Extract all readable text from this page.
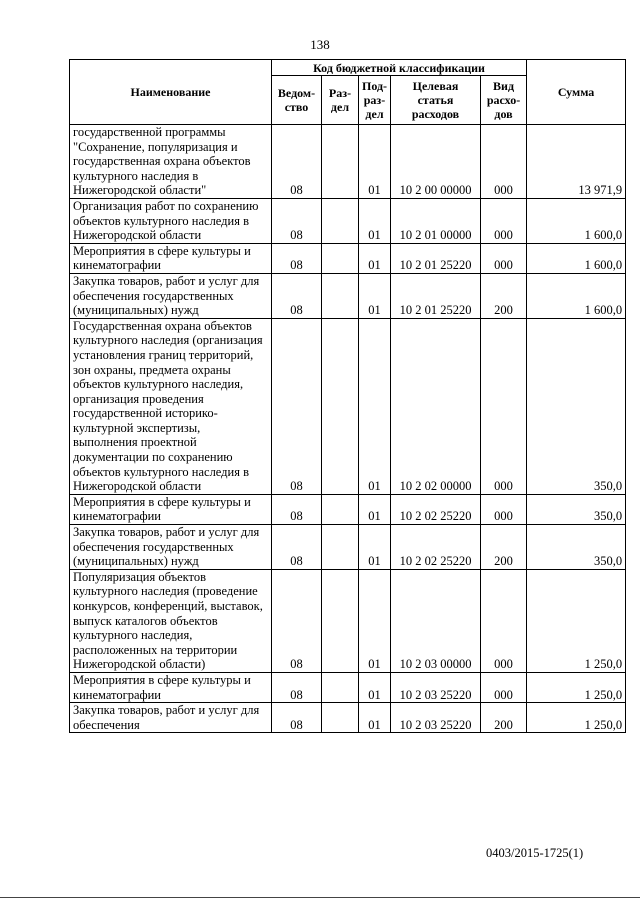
138
Наименование	Код бюджетной классификации					Сумма
	Ведом-ство	Раз-дел	Под-раз-дел	Целевая статья расходов	Вид расхо-дов	
государственной программы "Сохранение, популяризация и государственная охрана объектов культурного наследия в Нижегородской области"	08		01	10 2 00 00000	000	13 971,9
Организация работ по сохранению объектов культурного наследия в Нижегородской области	08		01	10 2 01 00000	000	1 600,0
Мероприятия в сфере культуры и кинематографии	08		01	10 2 01 25220	000	1 600,0
Закупка товаров, работ и услуг для обеспечения государственных (муниципальных) нужд	08		01	10 2 01 25220	200	1 600,0
Государственная охрана объектов культурного наследия (организация установления границ территорий, зон охраны, предмета охраны объектов культурного наследия, организация проведения государственной историко-культурной экспертизы, выполнения проектной документации по сохранению объектов культурного наследия в Нижегородской области	08		01	10 2 02 00000	000	350,0
Мероприятия в сфере культуры и кинематографии	08		01	10 2 02 25220	000	350,0
Закупка товаров, работ и услуг для обеспечения государственных (муниципальных) нужд	08		01	10 2 02 25220	200	350,0
Популяризация объектов культурного наследия (проведение конкурсов, конференций, выставок, выпуск каталогов объектов культурного наследия, расположенных на территории Нижегородской области)	08		01	10 2 03 00000	000	1 250,0
Мероприятия в сфере культуры и кинематографии	08		01	10 2 03 25220	000	1 250,0
Закупка товаров, работ и услуг для обеспечения	08		01	10 2 03 25220	200	1 250,0
0403/2015-1725(1)
